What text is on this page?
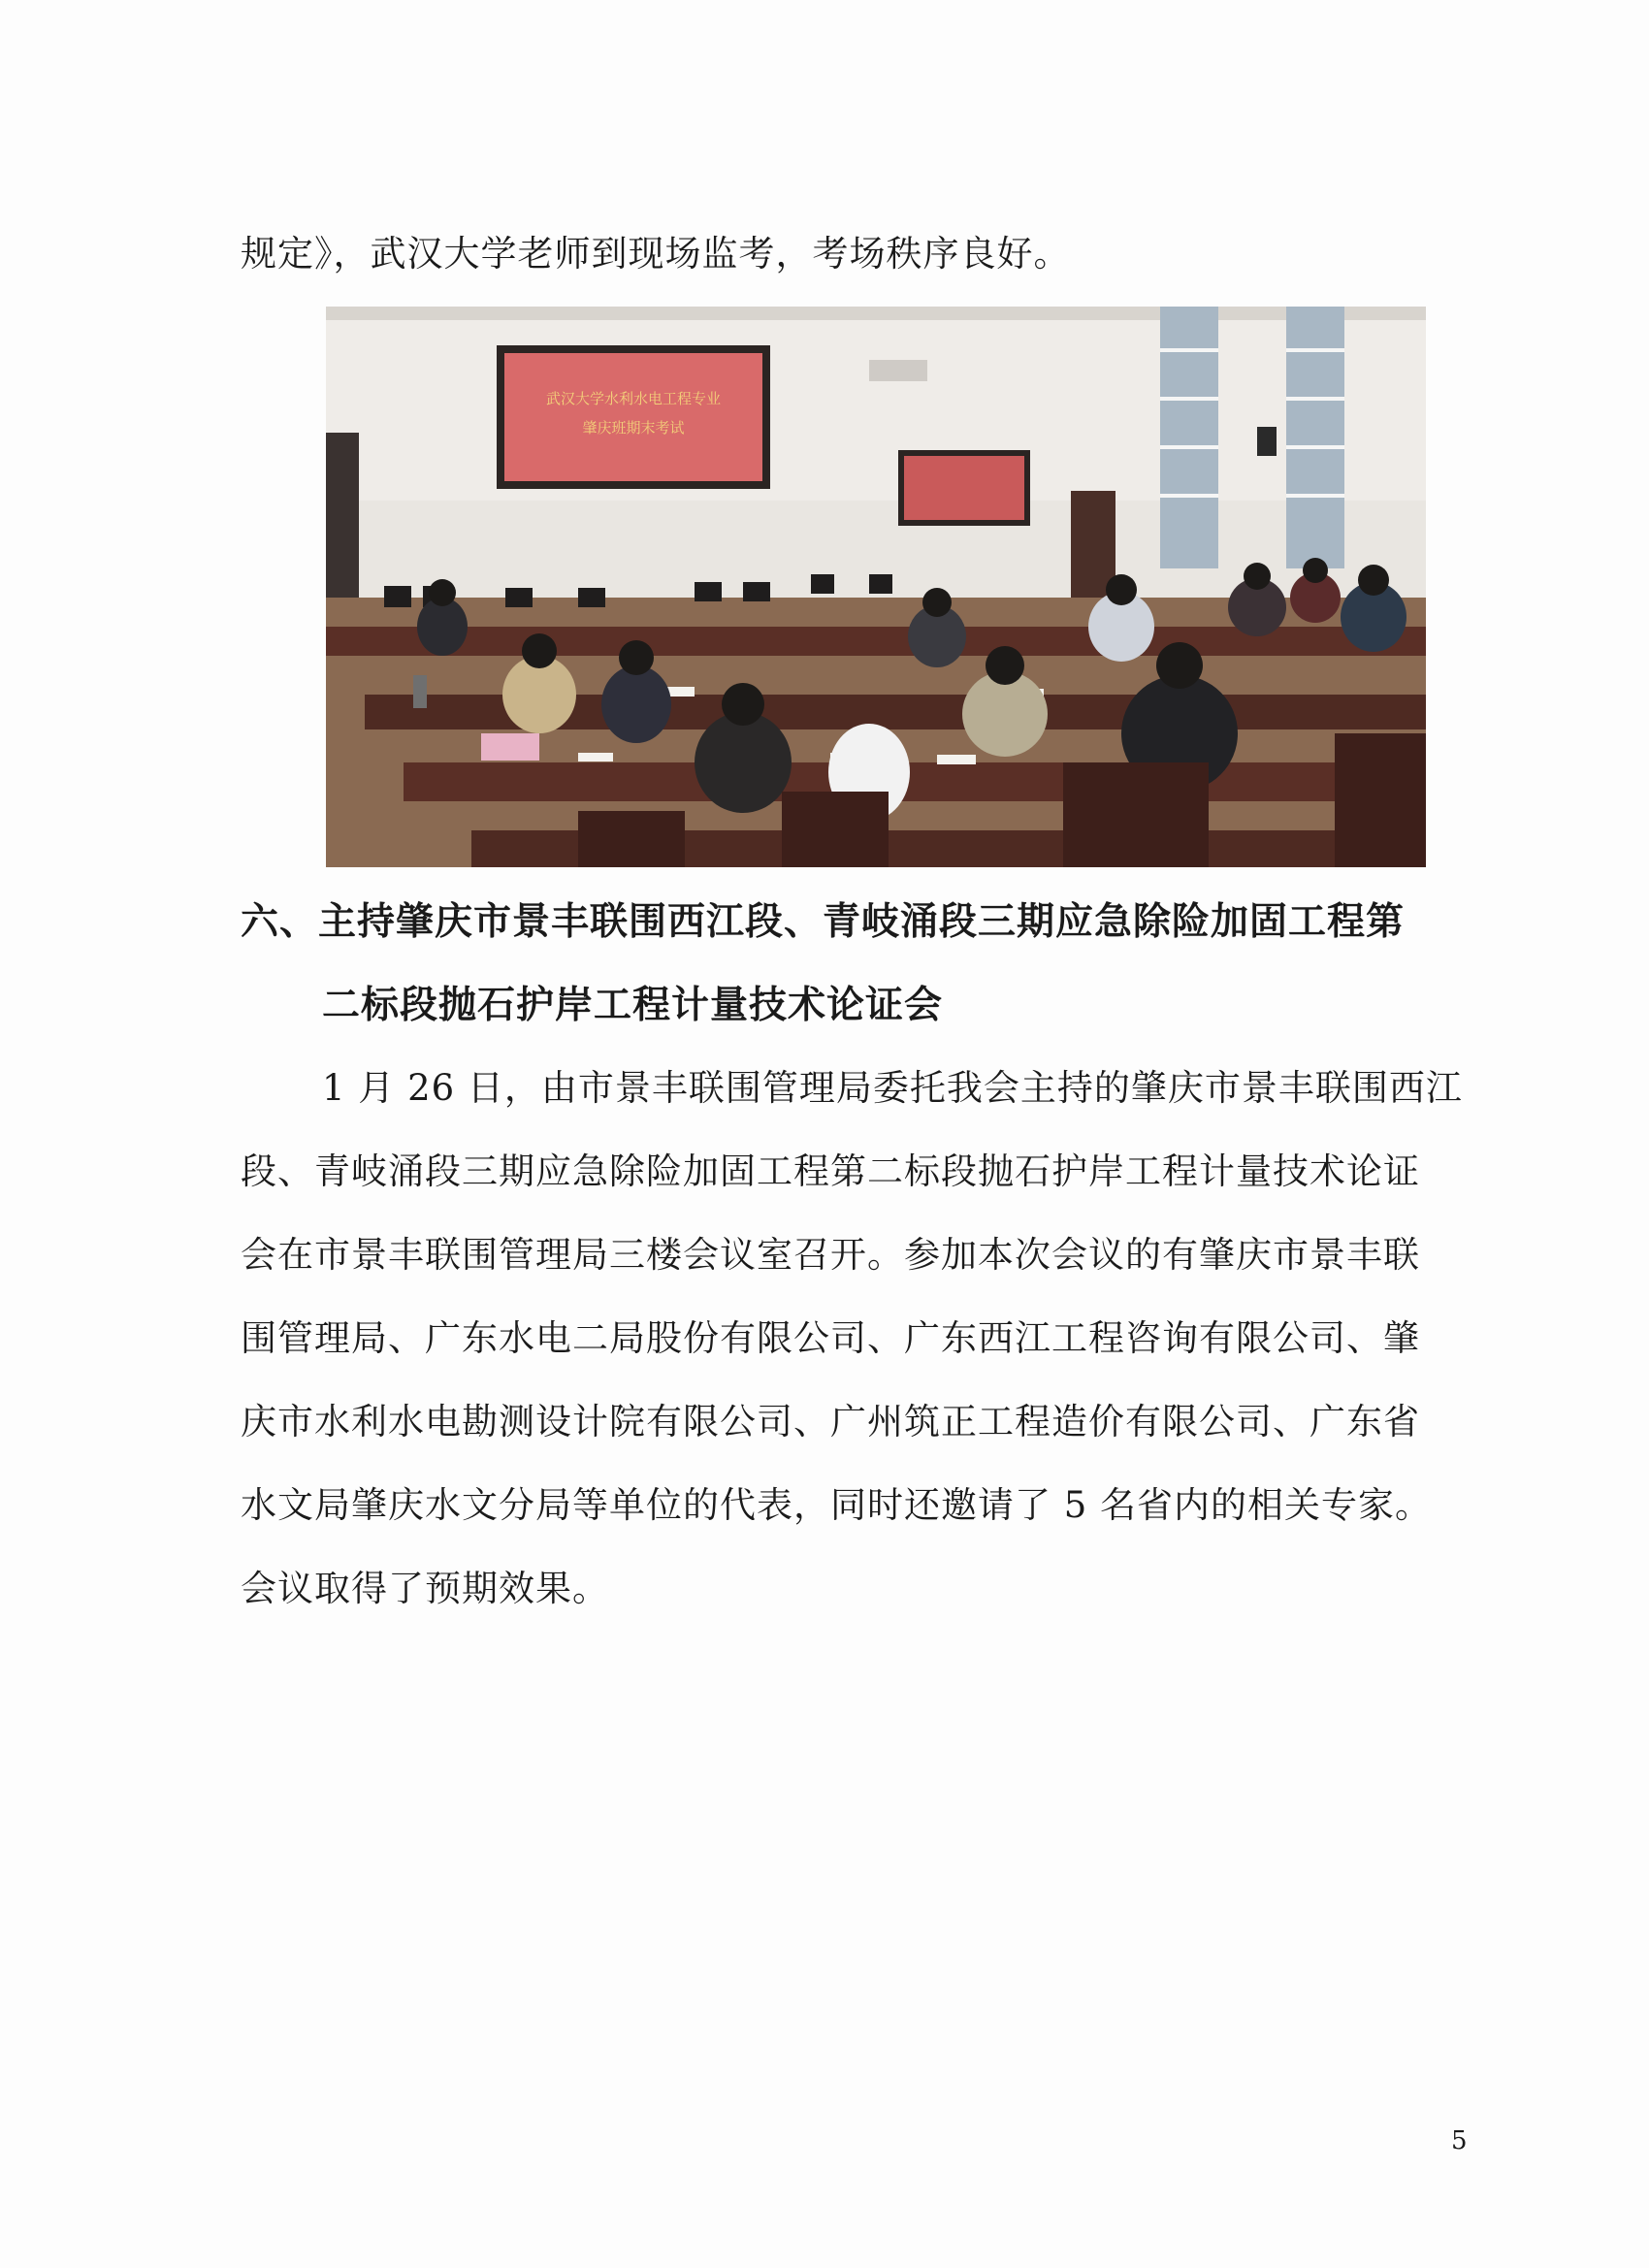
规定》，武汉大学老师到现场监考，考场秩序良好。
武汉大学水利水电工程专业
肇庆班期末考试
六、主持肇庆市景丰联围西江段、青岐涌段三期应急除险加固工程第
二标段抛石护岸工程计量技术论证会
1 月 26 日，由市景丰联围管理局委托我会主持的肇庆市景丰联围西江
段、青岐涌段三期应急除险加固工程第二标段抛石护岸工程计量技术论证
会在市景丰联围管理局三楼会议室召开。参加本次会议的有肇庆市景丰联
围管理局、广东水电二局股份有限公司、广东西江工程咨询有限公司、肇
庆市水利水电勘测设计院有限公司、广州筑正工程造价有限公司、广东省
水文局肇庆水文分局等单位的代表，同时还邀请了 5 名省内的相关专家。
会议取得了预期效果。
5
